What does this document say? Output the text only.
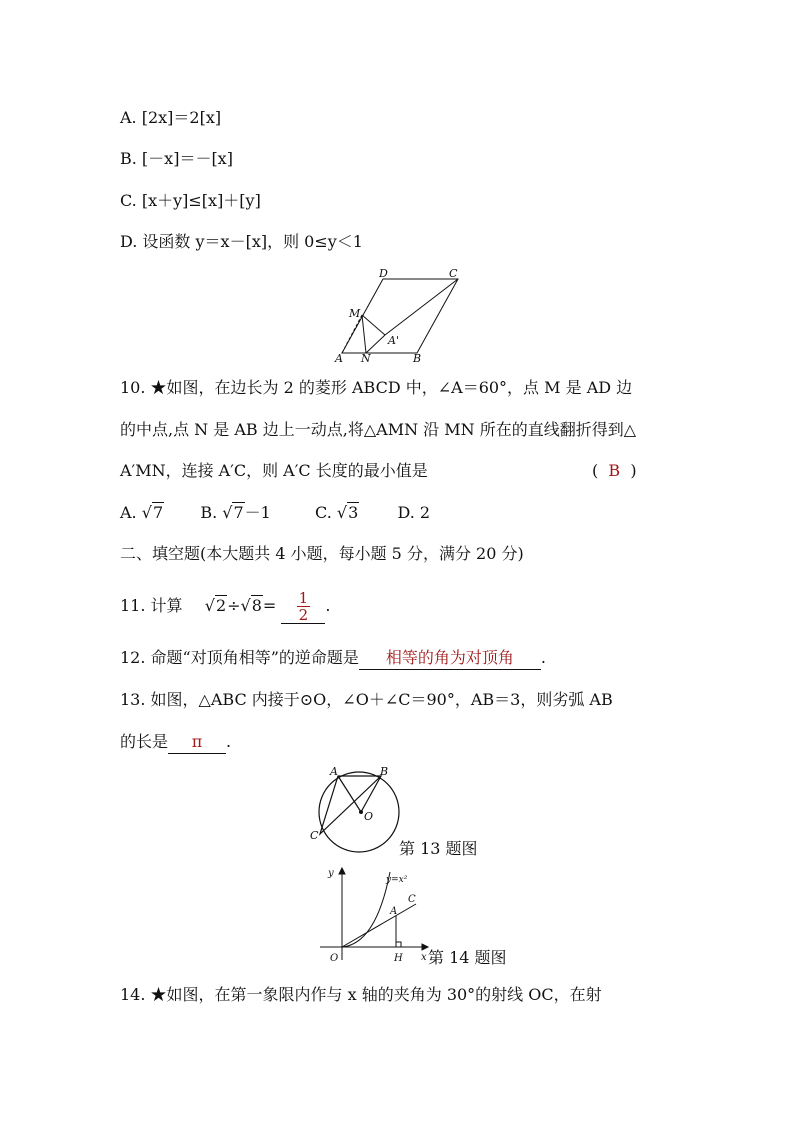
A. [2x]＝2[x]
B. [－x]＝－[x]
C. [x＋y]≤[x]＋[y]
D. 设函数 y＝x－[x]，则 0≤y＜1
D	C
M
A'
A N	B
10. ★如图，在边长为 2 的菱形 ABCD 中，∠A＝60°，点 M 是 AD 边
的中点,点 N 是 AB 边上一动点,将△AMN 沿 MN 所在的直线翻折得到△
A′MN，连接 A′C，则 A′C 长度的最小值是	( B )
A. √7 B. √7－1	C. √3 D. 2
二、填空题(本大题共 4 小题，每小题 5 分，满分 20 分)
11. 计算 $√2\div√8= \frac{1}{2}$ .
12. 命题“对顶角相等”的逆命题是 相等的角为对顶角 .
13. 如图，△ABC 内接于⊙O，∠O＋∠C＝90°，AB＝3，则劣弧 AB
的长是 π .
A	B
C
O
第 13 题图
y
x
O
A
C
H
y=x²
第 14 题图
14. ★如图，在第一象限内作与 x 轴的夹角为 30°的射线 OC，在射
